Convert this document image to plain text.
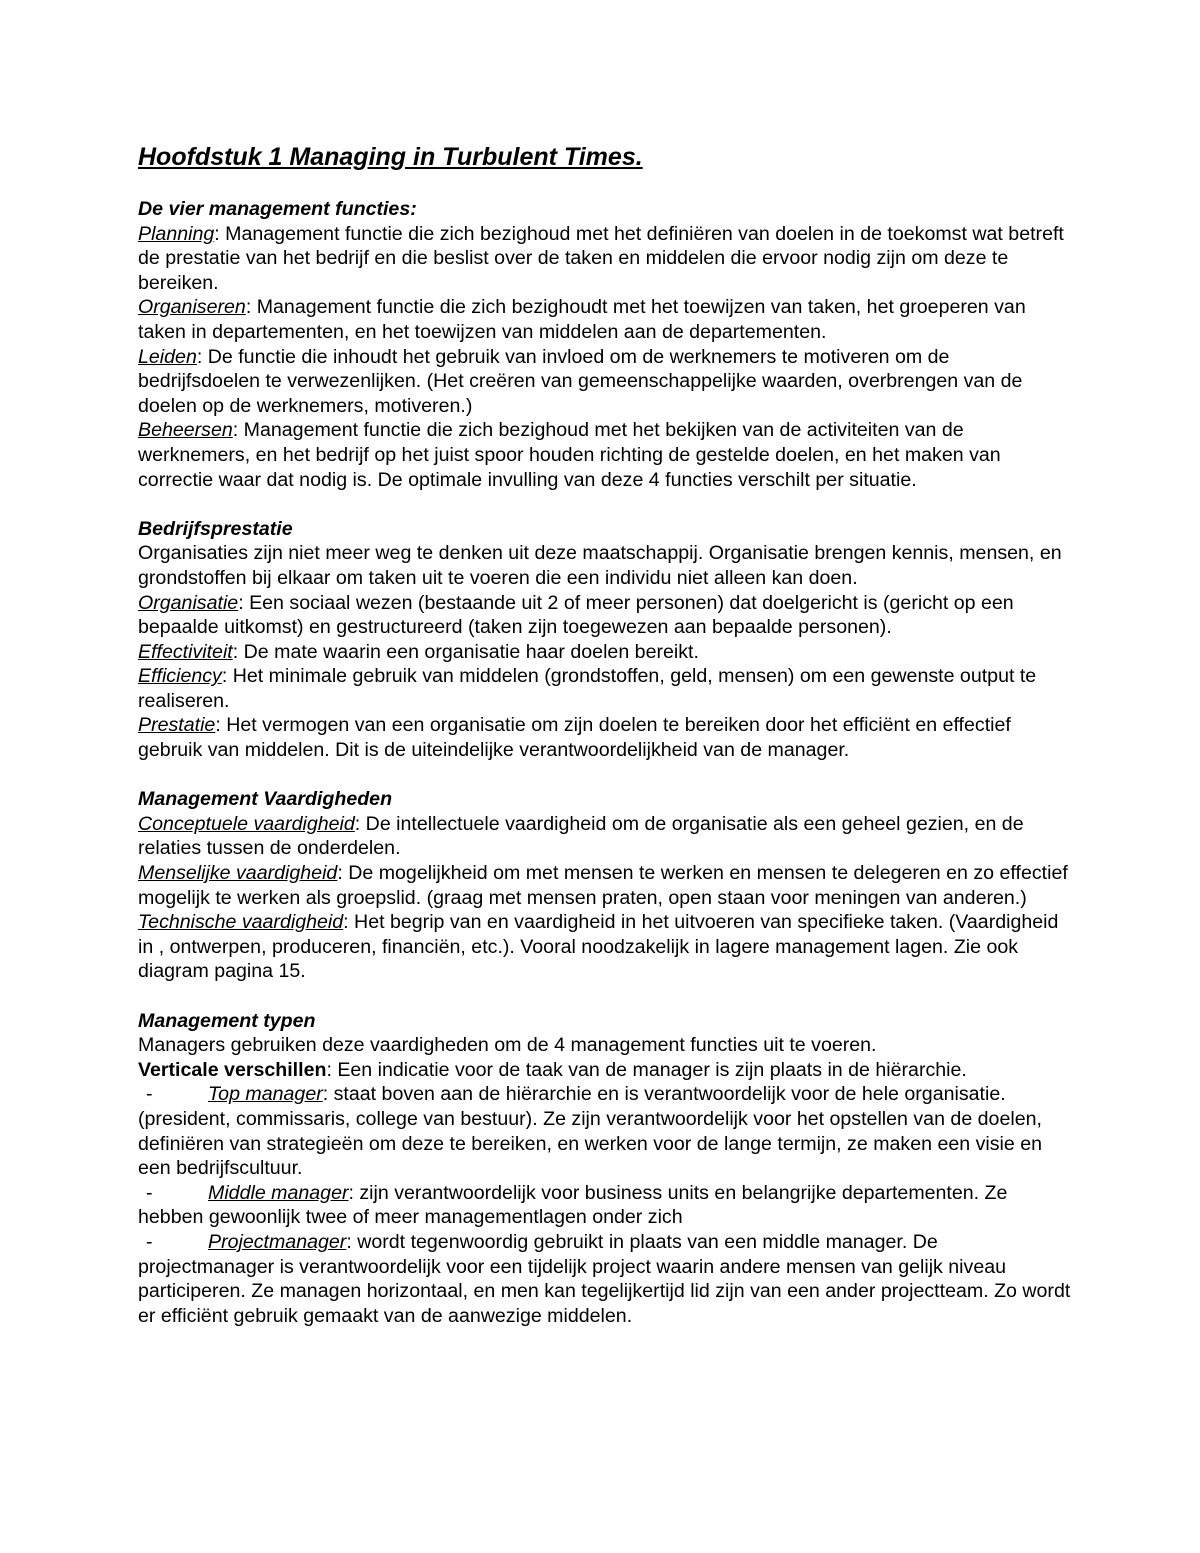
Hoofdstuk 1 Managing in Turbulent Times.
De vier management functies:

Planning: Management functie die zich bezighoud met het definiëren van doelen in de toekomst wat betreft de prestatie van het bedrijf en die beslist over de taken en middelen die ervoor nodig zijn om deze te bereiken.

Organiseren: Management functie die zich bezighoudt met het toewijzen van taken, het groeperen van taken in departementen, en het toewijzen van middelen aan de departementen.

Leiden: De functie die inhoudt het gebruik van invloed om de werknemers te motiveren om de bedrijfsdoelen te verwezenlijken. (Het creëren van gemeenschappelijke waarden, overbrengen van de doelen op de werknemers, motiveren.)

Beheersen: Management functie die zich bezighoud met het bekijken van de activiteiten van de werknemers, en het bedrijf op het juist spoor houden richting de gestelde doelen, en het maken van correctie waar dat nodig is. De optimale invulling van deze 4 functies verschilt per situatie.

Bedrijfsprestatie

Organisaties zijn niet meer weg te denken uit deze maatschappij. Organisatie brengen kennis, mensen, en grondstoffen bij elkaar om taken uit te voeren die een individu niet alleen kan doen.

Organisatie: Een sociaal wezen (bestaande uit 2 of meer personen) dat doelgericht is (gericht op een bepaalde uitkomst) en gestructureerd (taken zijn toegewezen aan bepaalde personen).

Effectiviteit: De mate waarin een organisatie haar doelen bereikt.

Efficiency: Het minimale gebruik van middelen (grondstoffen, geld, mensen) om een gewenste output te realiseren.

Prestatie: Het vermogen van een organisatie om zijn doelen te bereiken door het efficiënt en effectief gebruik van middelen. Dit is de uiteindelijke verantwoordelijkheid van de manager.

Management Vaardigheden

Conceptuele vaardigheid: De intellectuele vaardigheid om de organisatie als een geheel gezien, en de relaties tussen de onderdelen.

Menselijke vaardigheid: De mogelijkheid om met mensen te werken en mensen te delegeren en zo effectief mogelijk te werken als groepslid. (graag met mensen praten, open staan voor meningen van anderen.)

Technische vaardigheid: Het begrip van en vaardigheid in het uitvoeren van specifieke taken. (Vaardigheid in , ontwerpen, produceren, financiën, etc.). Vooral noodzakelijk in lagere management lagen. Zie ook diagram pagina 15.

Management typen

Managers gebruiken deze vaardigheden om de 4 management functies uit te voeren.

Verticale verschillen: Een indicatie voor de taak van de manager is zijn plaats in de hiërarchie.

-	Top manager: staat boven aan de hiërarchie en is verantwoordelijk voor de hele organisatie.(president, commissaris, college van bestuur). Ze zijn verantwoordelijk voor het opstellen van de doelen, definiëren van strategieën om deze te bereiken, en werken voor de lange termijn, ze maken een visie en een bedrijfscultuur.

-	Middle manager: zijn verantwoordelijk voor business units en belangrijke departementen. Ze hebben gewoonlijk twee of meer managementlagen onder zich

-	Projectmanager: wordt tegenwoordig gebruikt in plaats van een middle manager. De projectmanager is verantwoordelijk voor een tijdelijk project waarin andere mensen van gelijk niveau participeren. Ze managen horizontaal, en men kan tegelijkertijd lid zijn van een ander projectteam. Zo wordt er efficiënt gebruik gemaakt van de aanwezige middelen.
